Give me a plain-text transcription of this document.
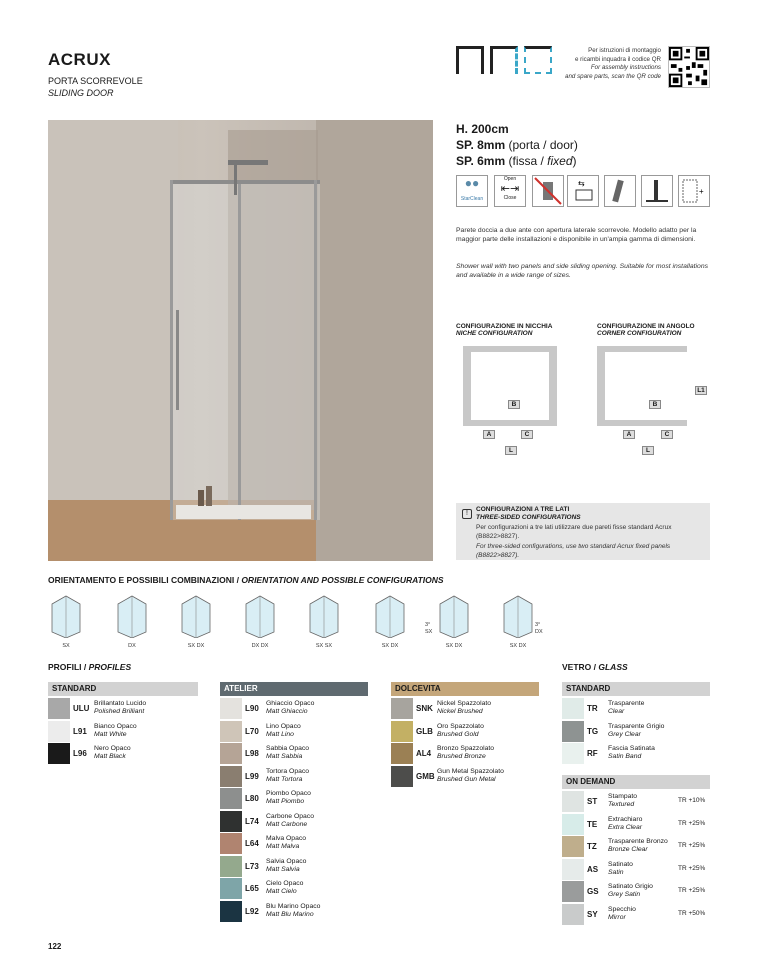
ACRUX
PORTA SCORREVOLE
SLIDING DOOR
Per istruzioni di montaggio
e ricambi inquadra il codice QR
For assembly instructions
and spare parts, scan the QR code
H. 200cm
SP. 8mm (porta / door)
SP. 6mm (fissa / fixed)
●●
StarClean
Open
⇤⇥
Close
⇆
+
Parete doccia a due ante con apertura laterale scorrevole. Modello adatto per la maggior parte delle installazioni e disponibile in un'ampia gamma di dimensioni.
Shower wall with two panels and side sliding opening. Suitable for most installations and available in a wide range of sizes.
CONFIGURAZIONE IN NICCHIA
NICHE CONFIGURATION
CONFIGURAZIONE IN ANGOLO
CORNER CONFIGURATION
B
A	C
L
B
A	C
L
L1
!
CONFIGURAZIONI A TRE LATI
THREE-SIDED CONFIGURATIONS
Per configurazioni a tre lati utilizzare due pareti fisse standard Acrux (B8822>8827).
For three-sided configurations, use two standard Acrux fixed panels (B8822>8827).
ORIENTAMENTO E POSSIBILI COMBINAZIONI / ORIENTATION AND POSSIBLE CONFIGURATIONS
SX	DX	SX DX	DX DX	SX SX	SX DX	SX DX	SX DX
3°
SX
3°
DX
PROFILI / PROFILES	VETRO / GLASS
STANDARD	ATELIER	DOLCEVITA	STANDARD
ON DEMAND
ULU
Brillantato Lucido
Polished Brilliant
L91
Bianco Opaco
Matt White
L96
Nero Opaco
Matt Black
L90
Ghiaccio Opaco
Matt Ghiaccio
L70
Lino Opaco
Matt Lino
L98
Sabbia Opaco
Matt Sabbia
L99
Tortora Opaco
Matt Tortora
L80
Piombo Opaco
Matt Piombo
L74
Carbone Opaco
Matt Carbone
L64
Malva Opaco
Matt Malva
L73
Salvia Opaco
Matt Salvia
L65
Cielo Opaco
Matt Cielo
L92
Blu Marino Opaco
Matt Blu Marino
SNK
Nickel Spazzolato
Nickel Brushed
GLB
Oro Spazzolato
Brushed Gold
AL4
Bronzo Spazzolato
Brushed Bronze
GMB
Gun Metal Spazzolato
Brushed Gun Metal
TR
Trasparente
Clear
TG
Trasparente Grigio
Grey Clear
RF
Fascia Satinata
Satin Band
ST
Stampato
Textured
TR +10%
TE
Extrachiaro
Extra Clear
TR +25%
TZ
Trasparente Bronzo
Bronze Clear
TR +25%
AS
Satinato
Satin
TR +25%
GS
Satinato Grigio
Grey Satin
TR +25%
SY
Specchio
Mirror
TR +50%
122
